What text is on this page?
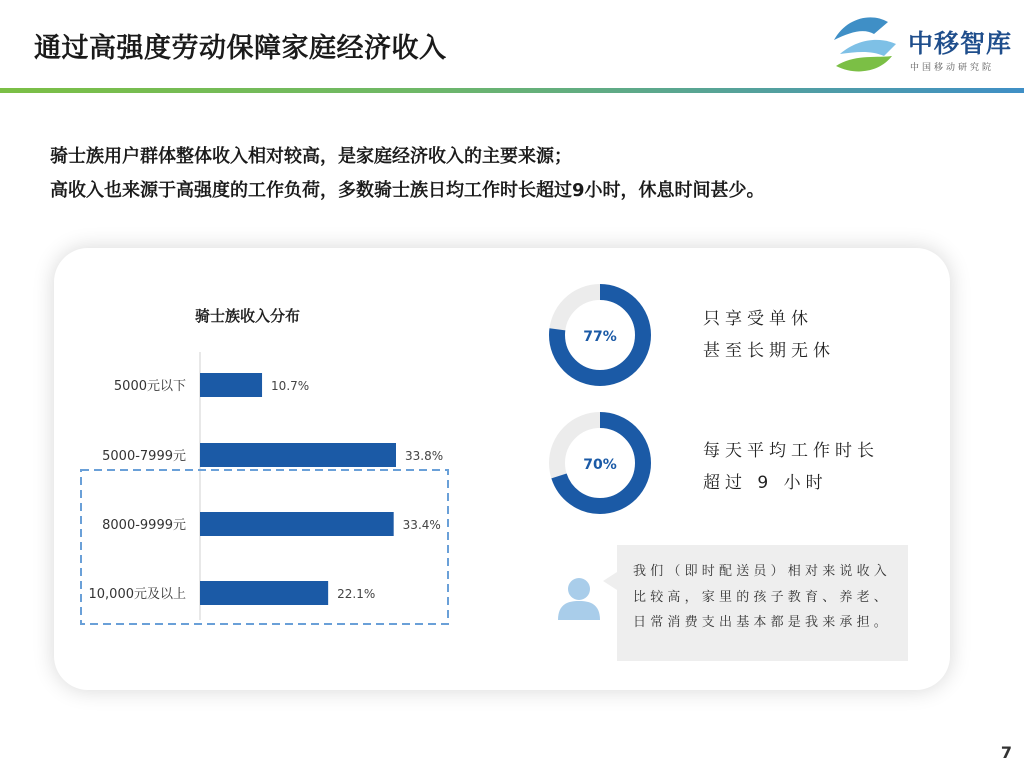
通过高强度劳动保障家庭经济收入	中移智库
中国移动研究院
骑士族用户群体整体收入相对较高，是家庭经济收入的主要来源；
高收入也来源于高强度的工作负荷，多数骑士族日均工作时长超过9小时，休息时间甚少。
骑士族收入分布
5000元以下	10.7%
5000-7999元	33.8%
8000-9999元	33.4%
10,000元及以上	22.1%
77%
70%
只享受单休
甚至长期无休
每天平均工作时长
超过 9 小时
我们（即时配送员）相对来说收入比较高，家里的孩子教育、养老、日常消费支出基本都是我来承担。
7
